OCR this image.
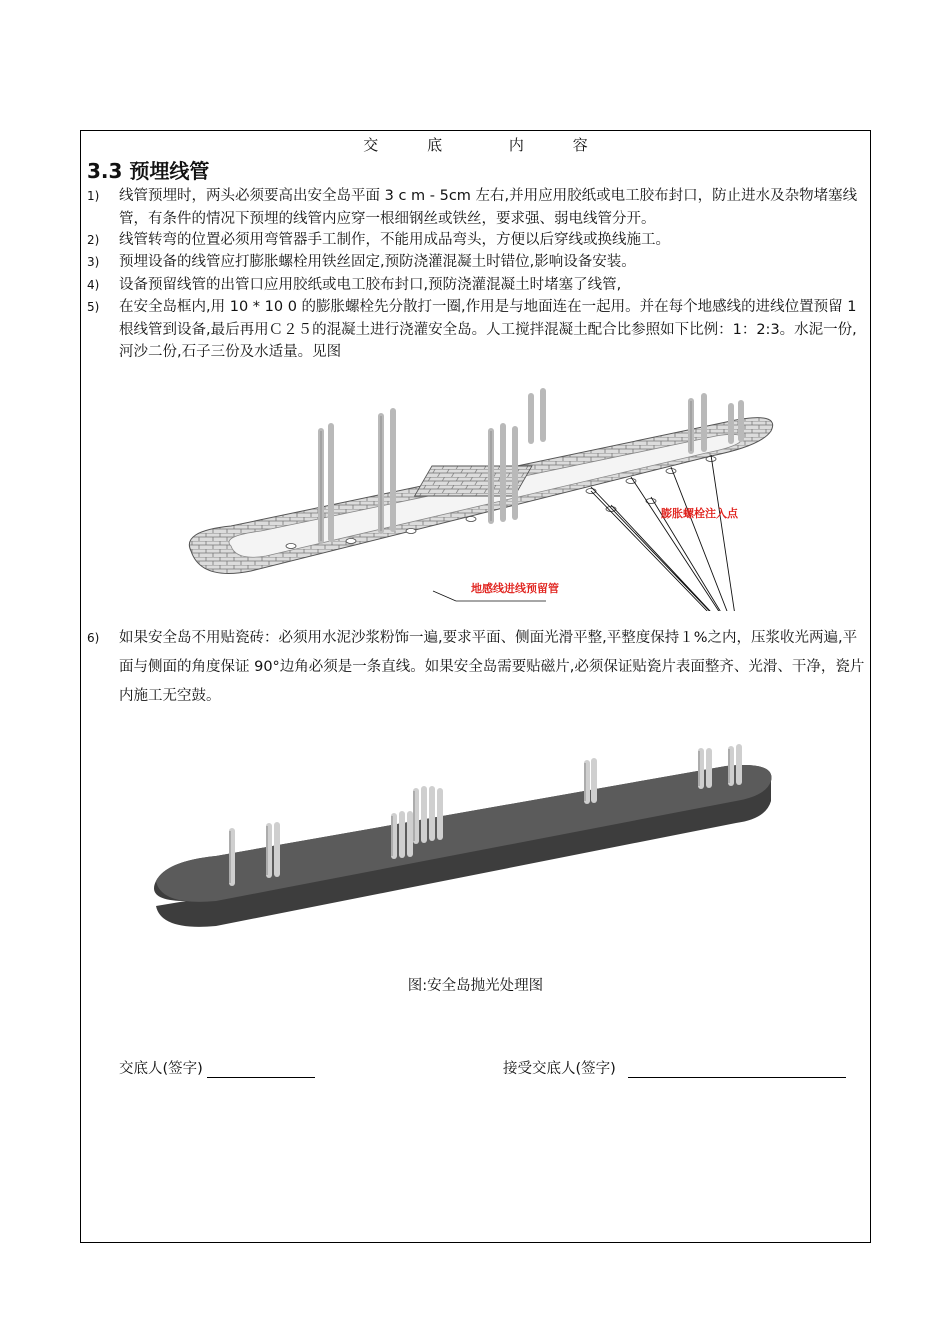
交	底	内	容
3.3 预埋线管
1) 线管预埋时，两头必须要高出安全岛平面 3 c m - 5cm 左右,并用应用胶纸或电工胶布封口，防止进水及杂物堵塞线管，有条件的情况下预埋的线管内应穿一根细钢丝或铁丝，要求强、弱电线管分开。
2) 线管转弯的位置必须用弯管器手工制作，不能用成品弯头，方便以后穿线或换线施工。
3) 预埋设备的线管应打膨胀螺栓用铁丝固定,预防浇灌混凝土时错位,影响设备安装。
4) 设备预留线管的出管口应用胶纸或电工胶布封口,预防浇灌混凝土时堵塞了线管,
5) 在安全岛框内,用 10 * 10 0 的膨胀螺栓先分散打一圈,作用是与地面连在一起用。并在每个地感线的进线位置预留 1 根线管到设备,最后再用Ｃ２５的混凝土进行浇灌安全岛。人工搅拌混凝土配合比参照如下比例：1：2:3。水泥一份,河沙二份,石子三份及水适量。见图
膨胀螺栓注入点
地感线进线预留管
6) 如果安全岛不用贴瓷砖：必须用水泥沙浆粉饰一遍,要求平面、侧面光滑平整,平整度保持１%之内，压浆收光两遍,平面与侧面的角度保证 90°边角必须是一条直线。如果安全岛需要贴磁片,必须保证贴瓷片表面整齐、光滑、干净，瓷片内施工无空鼓。
图:安全岛抛光处理图
交底人(签字)	接受交底人(签字)
